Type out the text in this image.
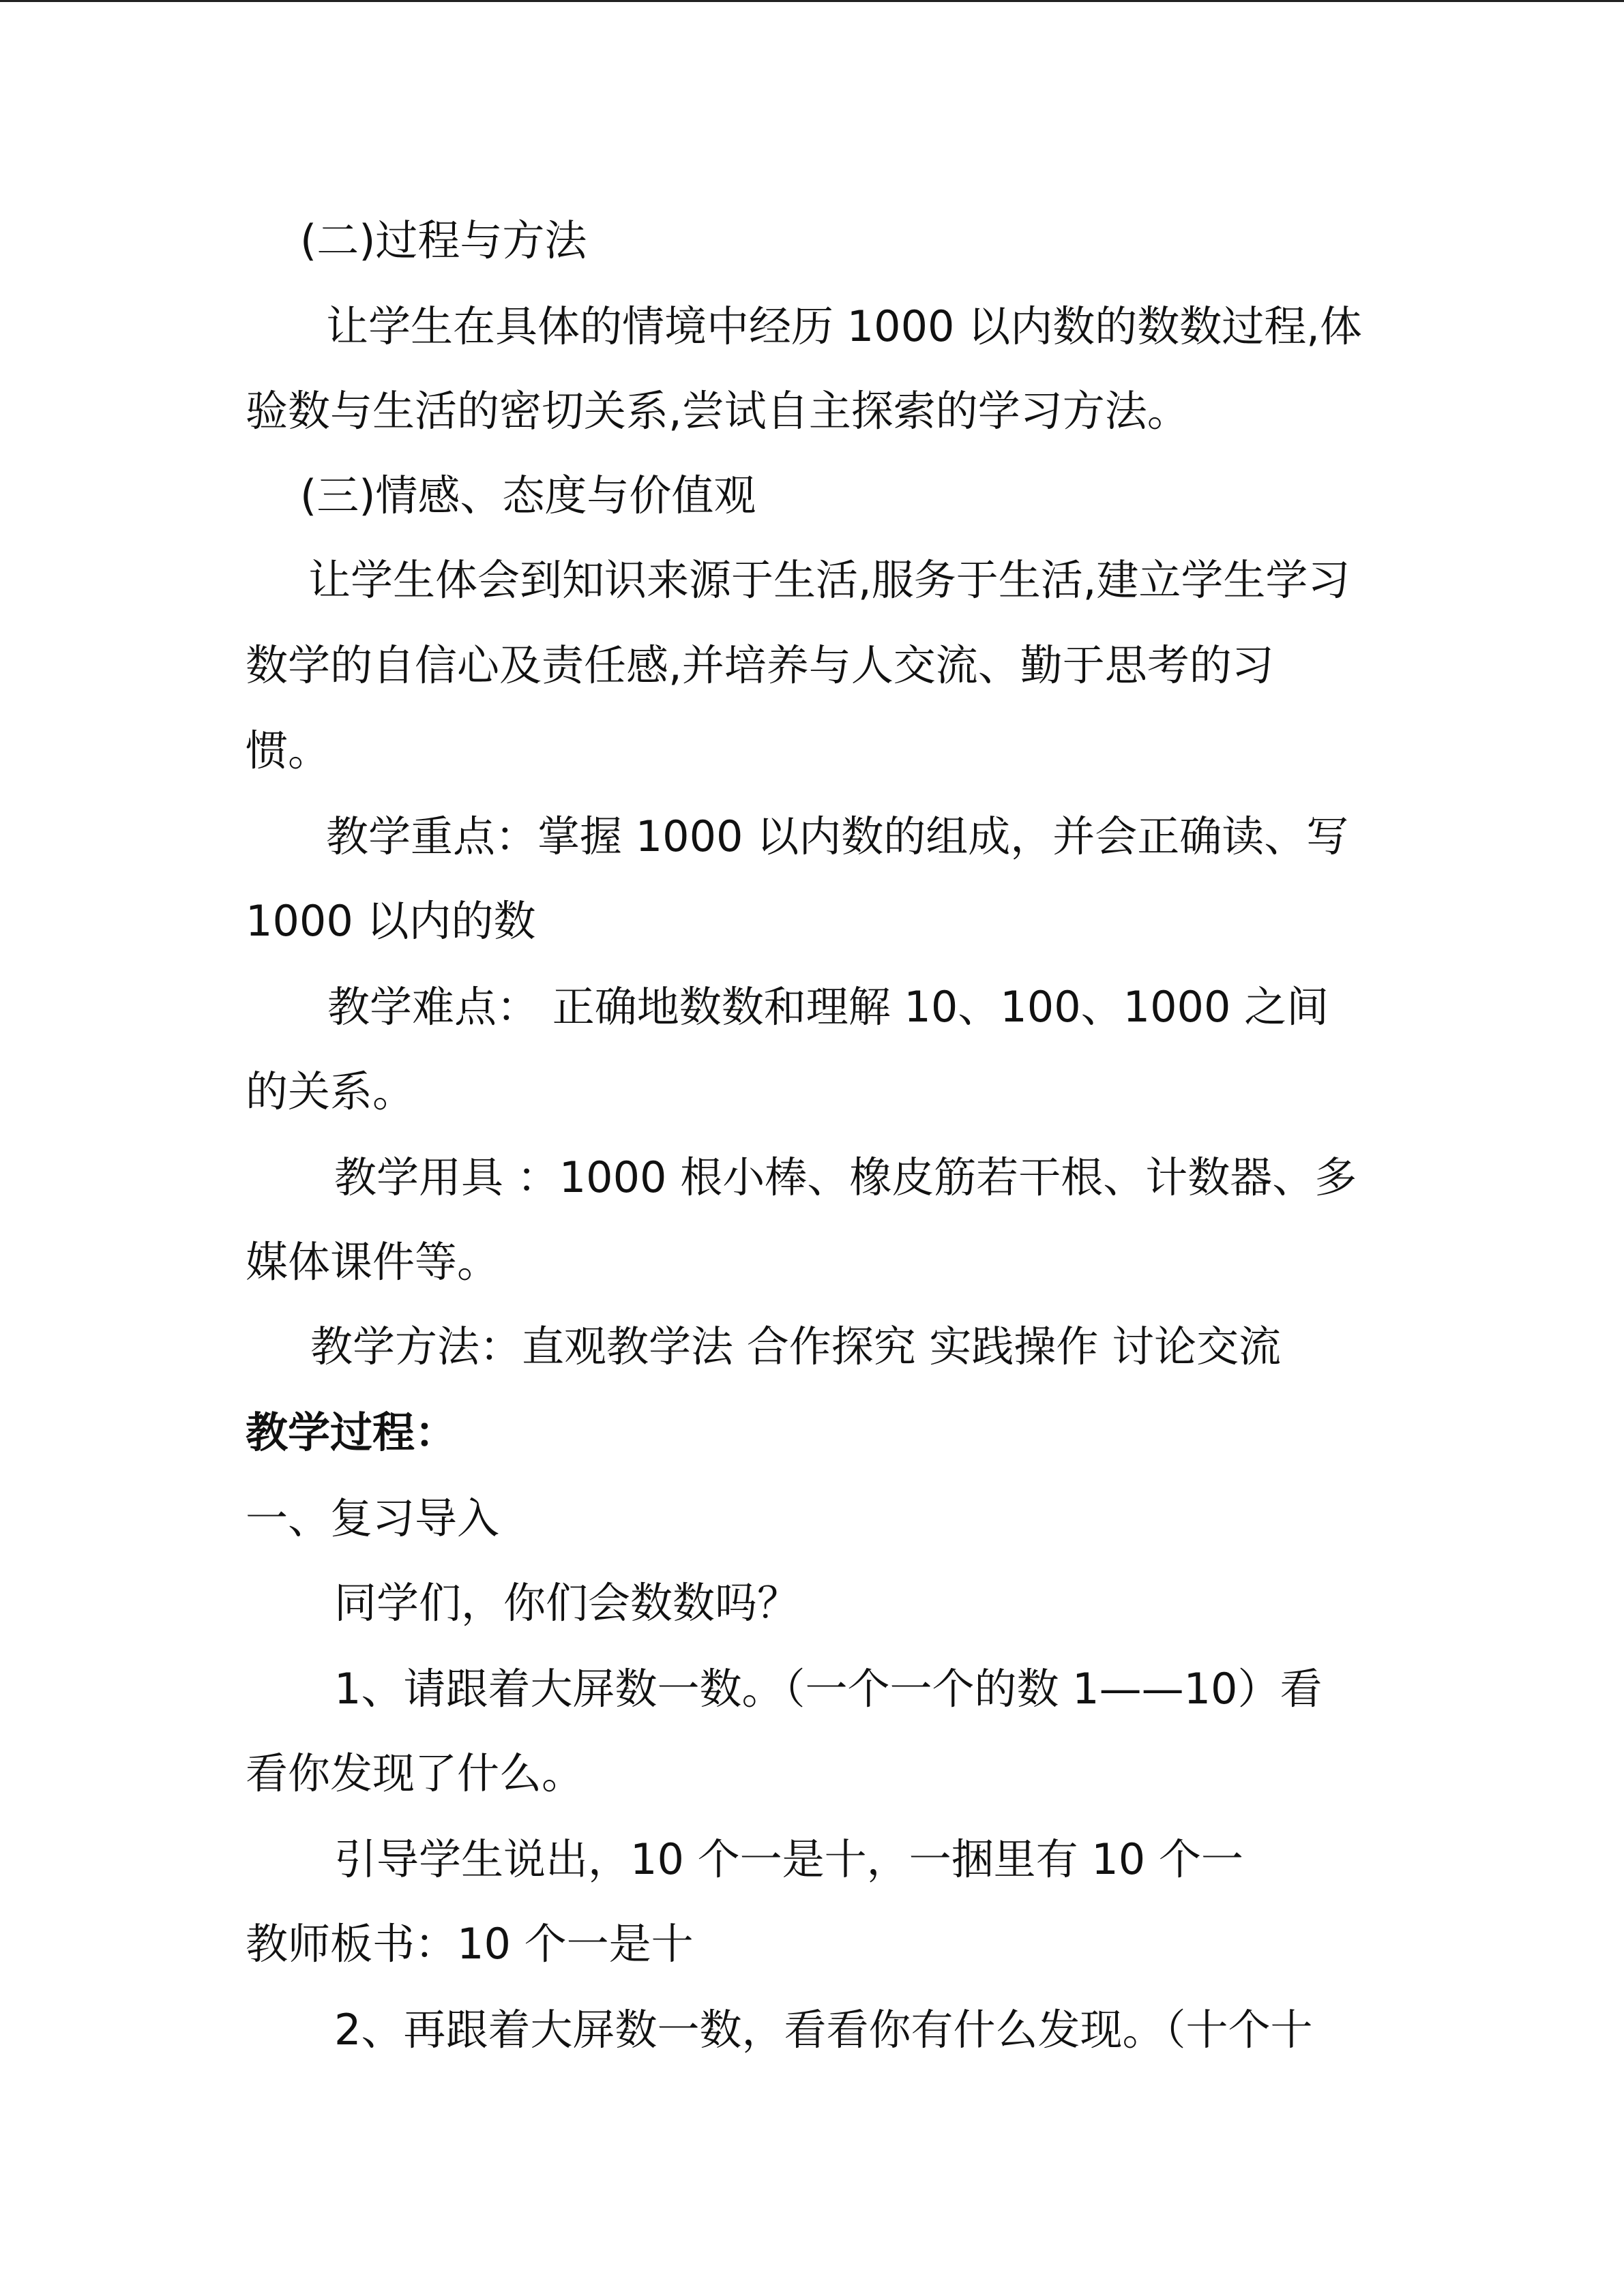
(二)过程与方法
让学生在具体的情境中经历 1000 以内数的数数过程,体
验数与生活的密切关系,尝试自主探索的学习方法。
(三)情感、态度与价值观
让学生体会到知识来源于生活,服务于生活,建立学生学习
数学的自信心及责任感,并培养与人交流、勤于思考的习
惯。
教学重点：掌握 1000 以内数的组成，并会正确读、写
1000 以内的数
教学难点： 正确地数数和理解 10、100、1000 之间
的关系。
教学用具 ：1000 根小棒、橡皮筋若干根、计数器、多
媒体课件等。
教学方法：直观教学法 合作探究 实践操作 讨论交流
教学过程：
一、复习导入
同学们，你们会数数吗？
1、请跟着大屏数一数。（一个一个的数 1——10）看
看你发现了什么。
引导学生说出，10 个一是十，一捆里有 10 个一
教师板书：10 个一是十
2、再跟着大屏数一数，看看你有什么发现。（十个十
